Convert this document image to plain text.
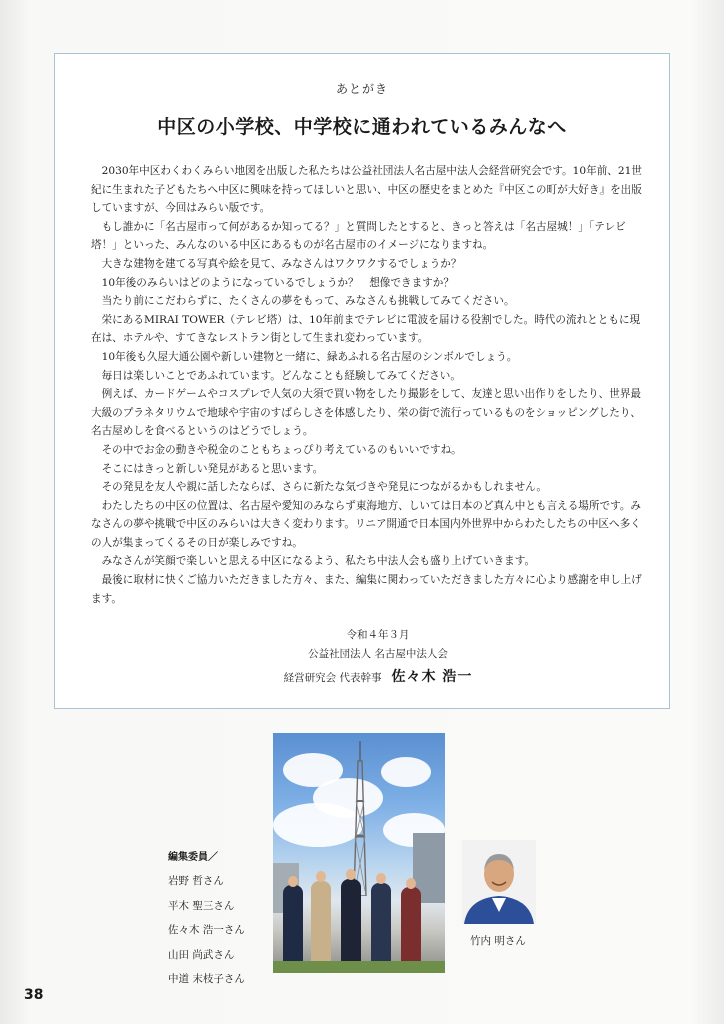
あとがき
中区の小学校、中学校に通われているみんなへ

2030年中区わくわくみらい地図を出版した私たちは公益社団法人名古屋中法人会経営研究会です。10年前、21世紀に生まれた子どもたちへ中区に興味を持ってほしいと思い、中区の歴史をまとめた『中区この町が大好き』を出版していますが、今回はみらい版です。

もし誰かに「名古屋市って何があるか知ってる？」と質問したとすると、きっと答えは「名古屋城！」「テレビ塔！」といった、みんなのいる中区にあるものが名古屋市のイメージになりますね。

大きな建物を建てる写真や絵を見て、みなさんはワクワクするでしょうか？

10年後のみらいはどのようになっているでしょうか？　想像できますか？

当たり前にこだわらずに、たくさんの夢をもって、みなさんも挑戦してみてください。

栄にあるMIRAI TOWER（テレビ塔）は、10年前までテレビに電波を届ける役割でした。時代の流れとともに現在は、ホテルや、すてきなレストラン街として生まれ変わっています。

10年後も久屋大通公園や新しい建物と一緒に、緑あふれる名古屋のシンボルでしょう。

毎日は楽しいことであふれています。どんなことも経験してみてください。

例えば、カードゲームやコスプレで人気の大須で買い物をしたり撮影をして、友達と思い出作りをしたり、世界最大級のプラネタリウムで地球や宇宙のすばらしさを体感したり、栄の街で流行っているものをショッピングしたり、名古屋めしを食べるというのはどうでしょう。

その中でお金の動きや税金のこともちょっぴり考えているのもいいですね。

そこにはきっと新しい発見があると思います。

その発見を友人や親に話したならば、さらに新たな気づきや発見につながるかもしれません。

わたしたちの中区の位置は、名古屋や愛知のみならず東海地方、しいては日本のど真ん中とも言える場所です。みなさんの夢や挑戦で中区のみらいは大きく変わります。リニア開通で日本国内外世界中からわたしたちの中区へ多くの人が集まってくるその日が楽しみですね。

みなさんが笑顔で楽しいと思える中区になるよう、私たち中法人会も盛り上げていきます。

最後に取材に快くご協力いただきました方々、また、編集に関わっていただきました方々に心より感謝を申し上げます。

令和４年３月
公益社団法人 名古屋中法人会
経営研究会 代表幹事 佐々木 浩一
編集委員／
岩野 哲さん
平木 聖三さん
佐々木 浩一さん
山田 尚武さん
中道 末枝子さん
竹内 明さん
38
